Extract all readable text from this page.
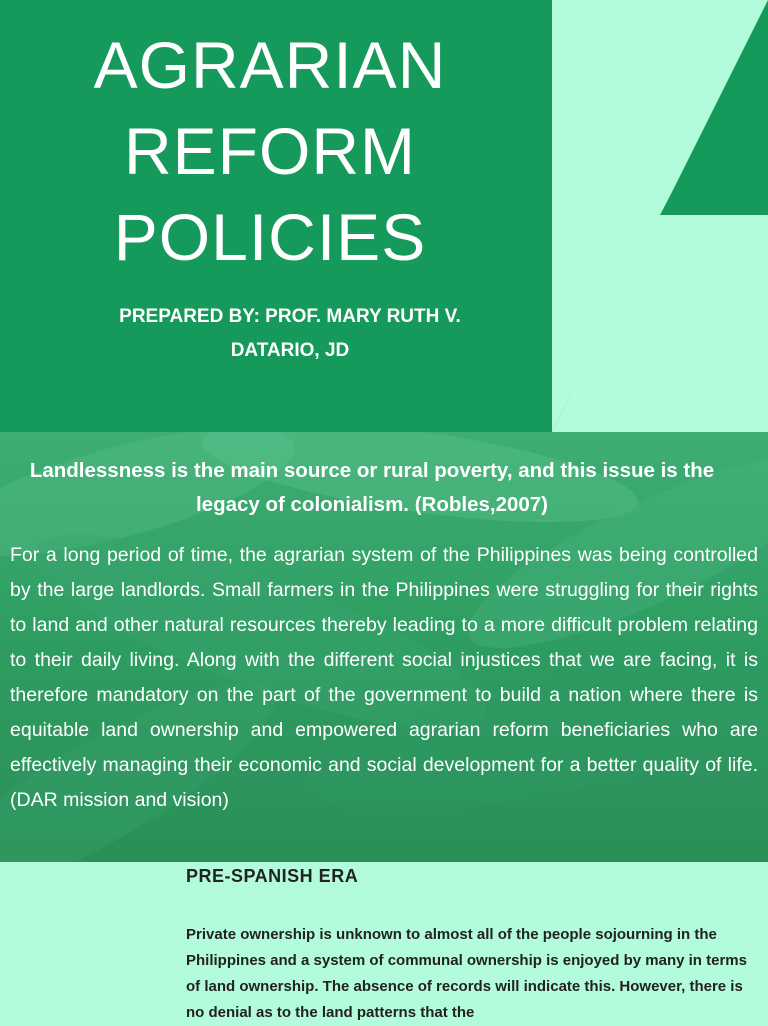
AGRARIAN
REFORM
POLICIES
PREPARED BY: PROF. MARY RUTH V. DATARIO, JD
Landlessness is the main source or rural poverty, and this issue is the legacy of colonialism. (Robles,2007)
For a long period of time, the agrarian system of the Philippines was being controlled by the large landlords. Small farmers in the Philippines were struggling for their rights to land and other natural resources thereby leading to a more difficult problem relating to their daily living. Along with the different social injustices that we are facing, it is therefore mandatory on the part of the government to build a nation where there is equitable land ownership and empowered agrarian reform beneficiaries who are effectively managing their economic and social development for a better quality of life. (DAR mission and vision)
PRE-SPANISH ERA
Private ownership is unknown to almost all of the people sojourning in the Philippines and a system of communal ownership is enjoyed by many in terms of land ownership. The absence of records will indicate this. However, there is no denial as to the land patterns that the
